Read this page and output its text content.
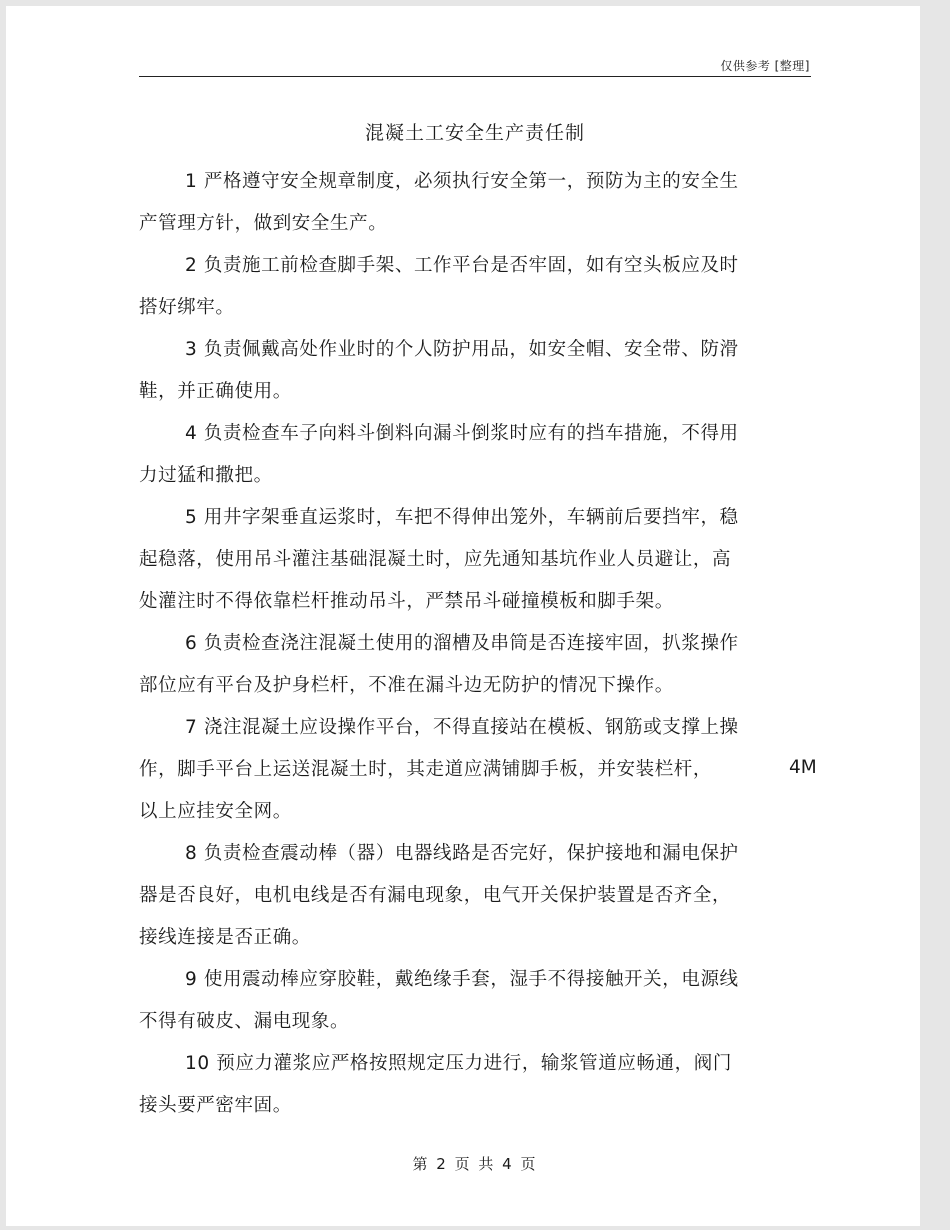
仅供参考 [整理]
混凝土工安全生产责任制

1 严格遵守安全规章制度，必须执行安全第一，预防为主的安全生
产管理方针，做到安全生产。

2 负责施工前检查脚手架、工作平台是否牢固，如有空头板应及时
搭好绑牢。

3 负责佩戴高处作业时的个人防护用品，如安全帽、安全带、防滑
鞋，并正确使用。

4 负责检查车子向料斗倒料向漏斗倒浆时应有的挡车措施，不得用
力过猛和撒把。

5 用井字架垂直运浆时，车把不得伸出笼外，车辆前后要挡牢，稳
起稳落，使用吊斗灌注基础混凝土时，应先通知基坑作业人员避让，高
处灌注时不得依靠栏杆推动吊斗，严禁吊斗碰撞模板和脚手架。

6 负责检查浇注混凝土使用的溜槽及串筒是否连接牢固，扒浆操作
部位应有平台及护身栏杆，不准在漏斗边无防护的情况下操作。

7 浇注混凝土应设操作平台，不得直接站在模板、钢筋或支撑上操
作，脚手平台上运送混凝土时，其走道应满铺脚手板，并安装栏杆，
以上应挂安全网。

8 负责检查震动棒（器）电器线路是否完好，保护接地和漏电保护
器是否良好，电机电线是否有漏电现象，电气开关保护装置是否齐全，
接线连接是否正确。

9 使用震动棒应穿胶鞋，戴绝缘手套，湿手不得接触开关，电源线
不得有破皮、漏电现象。

10 预应力灌浆应严格按照规定压力进行，输浆管道应畅通，阀门
接头要严密牢固。

4M
第 2 页 共 4 页
